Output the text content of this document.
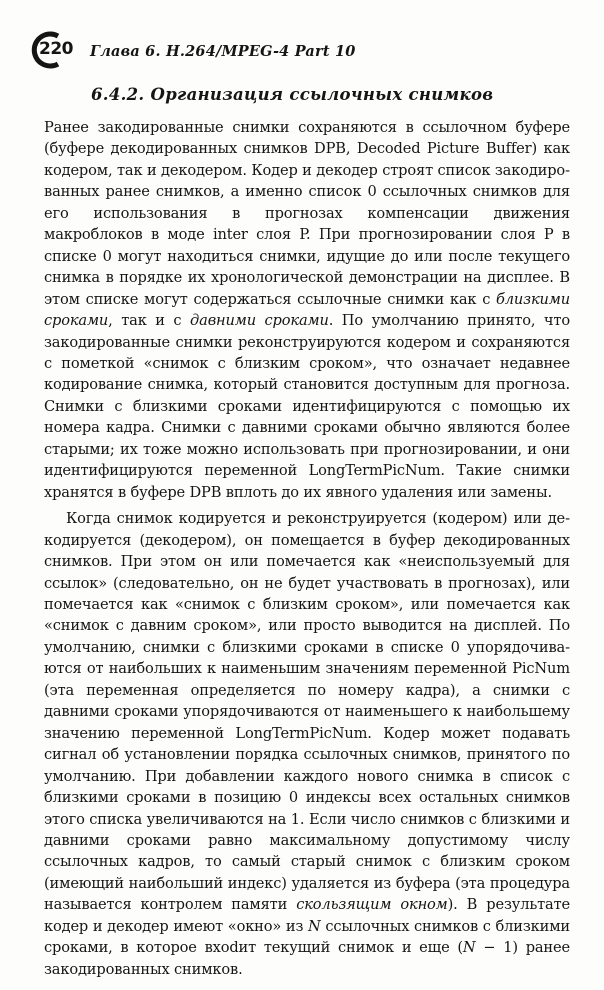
220 Глава 6. H.264/MPEG-4 Part 10
6.4.2. Организация ссылочных снимков

Ранее закодированные снимки сохраняются в ссылочном буфере (буфере декодированных снимков DPB, Decoded Picture Buffer) как кодером, так и декодером. Кодер и декодер строят список закодированных ранее снимков, а именно список 0 ссылочных снимков для его использования в прогнозах компенсации движения макроблоков в моде inter слоя P. При прогнозировании слоя P в списке 0 могут находиться снимки, идущие до или после текущего снимка в порядке их хронологической демонстрации на дисплее. В этом списке могут содержаться ссылочные снимки как с близкими сроками, так и с давними сроками. По умолчанию принято, что закодированные снимки реконструируются кодером и сохраняются с пометкой «снимок с близким сроком», что означает недавнее кодирование снимка, который становится доступным для прогноза. Снимки с близкими сроками идентифицируются с помощью их номера кадра. Снимки с давними сроками обычно являются более старыми; их тоже можно использовать при прогнозировании, и они идентифицируются переменной LongTermPicNum. Такие снимки хранятся в буфере DPB вплоть до их явного удаления или замены.

Когда снимок кодируется и реконструируется (кодером) или декодируется (декодером), он помещается в буфер декодированных снимков. При этом он или помечается как «неиспользуемый для ссылок» (следовательно, он не будет участвовать в прогнозах), или помечается как «снимок с близким сроком», или помечается как «снимок с давним сроком», или просто выводится на дисплей. По умолчанию, снимки с близкими сроками в списке 0 упорядочиваются от наибольших к наименьшим значениям переменной PicNum (эта переменная определяется по номеру кадра), а снимки с давними сроками упорядочиваются от наименьшего к наибольшему значению переменной LongTermPicNum. Кодер может подавать сигнал об установлении порядка ссылочных снимков, принятого по умолчанию. При добавлении каждого нового снимка в список с близкими сроками в позицию 0 индексы всех остальных снимков этого списка увеличиваются на 1. Если число снимков с близкими и давними сроками равно максимальному допустимому числу ссылочных кадров, то самый старый снимок с близким сроком (имеющий наибольший индекс) удаляется из буфера (эта процедура называется контролем памяти скользящим окном). В результате кодер и декодер имеют «окно» из N ссылочных снимков с близкими сроками, в которое вхоdит текущий снимок и еще (N − 1) ранее закодированных снимков.
